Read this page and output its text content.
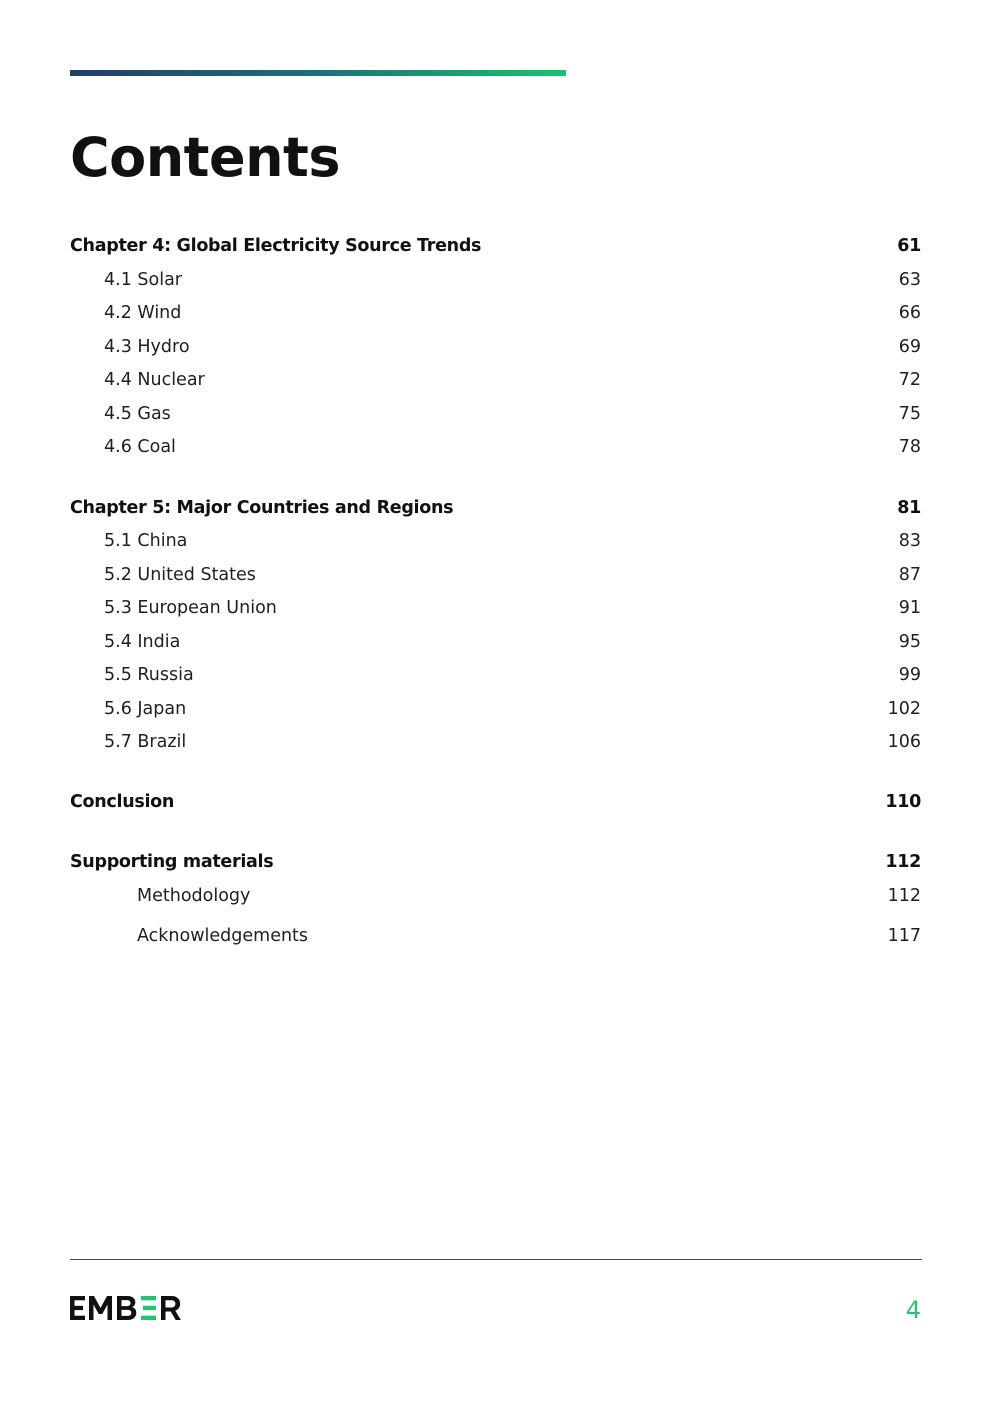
Contents
Chapter 4: Global Electricity Source Trends	61
4.1 Solar	63
4.2 Wind	66
4.3 Hydro	69
4.4 Nuclear	72
4.5 Gas	75
4.6 Coal	78
Chapter 5: Major Countries and Regions	81
5.1 China	83
5.2 United States	87
5.3 European Union	91
5.4 India	95
5.5 Russia	99
5.6 Japan	102
5.7 Brazil	106
Conclusion	110
Supporting materials	112
Methodology	112
Acknowledgements	117
4
